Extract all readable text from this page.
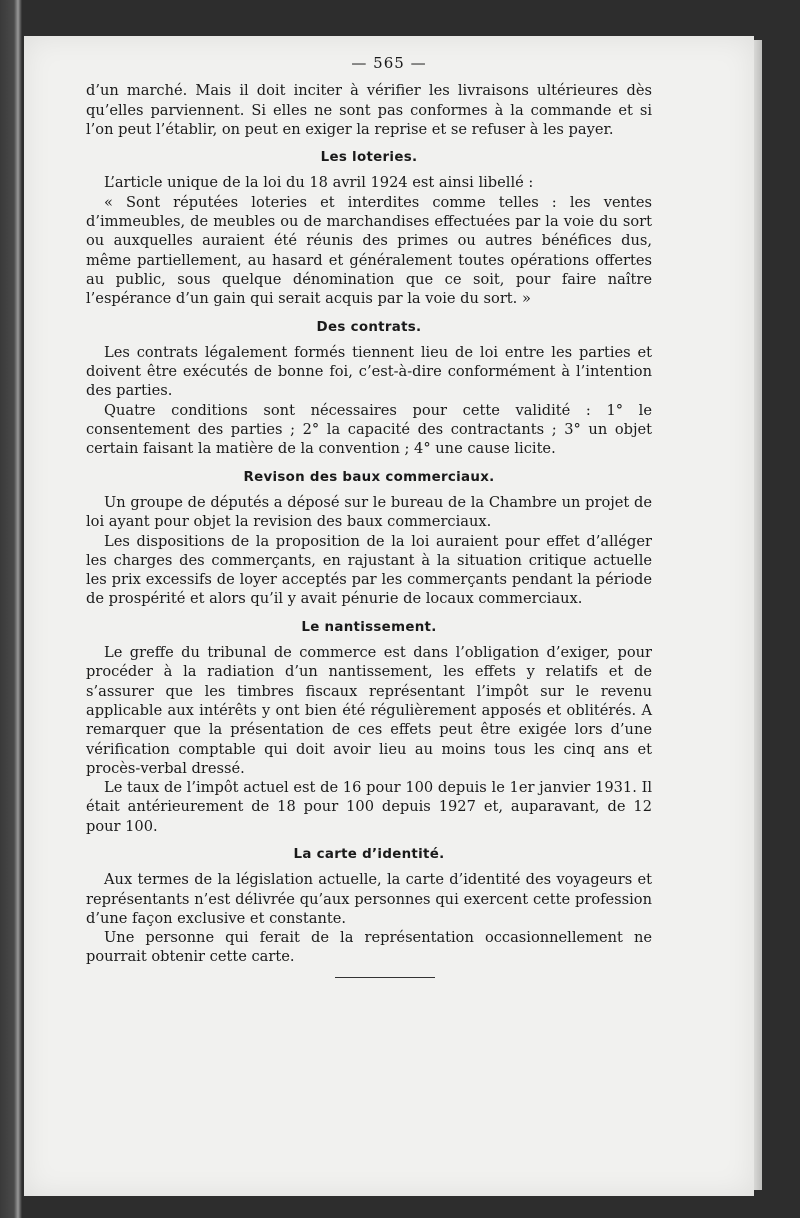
— 565 —

d’un marché. Mais il doit inciter à vérifier les livraisons ultérieures dès qu’elles parviennent. Si elles ne sont pas conformes à la commande et si l’on peut l’établir, on peut en exiger la reprise et se refuser à les payer.

Les loteries.

L’article unique de la loi du 18 avril 1924 est ainsi libellé :

« Sont réputées loteries et interdites comme telles : les ventes d’immeubles, de meubles ou de marchandises effectuées par la voie du sort ou auxquelles auraient été réunis des primes ou autres bénéfices dus, même partiellement, au hasard et généralement toutes opérations offertes au public, sous quelque dénomination que ce soit, pour faire naître l’espérance d’un gain qui serait acquis par la voie du sort. »

Des contrats.

Les contrats légalement formés tiennent lieu de loi entre les parties et doivent être exécutés de bonne foi, c’est-à-dire conformément à l’intention des parties.

Quatre conditions sont nécessaires pour cette validité : 1° le consentement des parties ; 2° la capacité des contractants ; 3° un objet certain faisant la matière de la convention ; 4° une cause licite.

Revison des baux commerciaux.

Un groupe de députés a déposé sur le bureau de la Chambre un projet de loi ayant pour objet la revision des baux commerciaux.

Les dispositions de la proposition de la loi auraient pour effet d’alléger les charges des commerçants, en rajustant à la situation critique actuelle les prix excessifs de loyer acceptés par les commerçants pendant la période de prospérité et alors qu’il y avait pénurie de locaux commerciaux.

Le nantissement.

Le greffe du tribunal de commerce est dans l’obligation d’exiger, pour procéder à la radiation d’un nantissement, les effets y relatifs et de s’assurer que les timbres fiscaux représentant l’impôt sur le revenu applicable aux intérêts y ont bien été régulièrement apposés et oblitérés. A remarquer que la présentation de ces effets peut être exigée lors d’une vérification comptable qui doit avoir lieu au moins tous les cinq ans et procès-verbal dressé.

Le taux de l’impôt actuel est de 16 pour 100 depuis le 1er janvier 1931. Il était antérieurement de 18 pour 100 depuis 1927 et, auparavant, de 12 pour 100.

La carte d’identité.

Aux termes de la législation actuelle, la carte d’identité des voyageurs et représentants n’est délivrée qu’aux personnes qui exercent cette profession d’une façon exclusive et constante.

Une personne qui ferait de la représentation occasionnellement ne pourrait obtenir cette carte.
